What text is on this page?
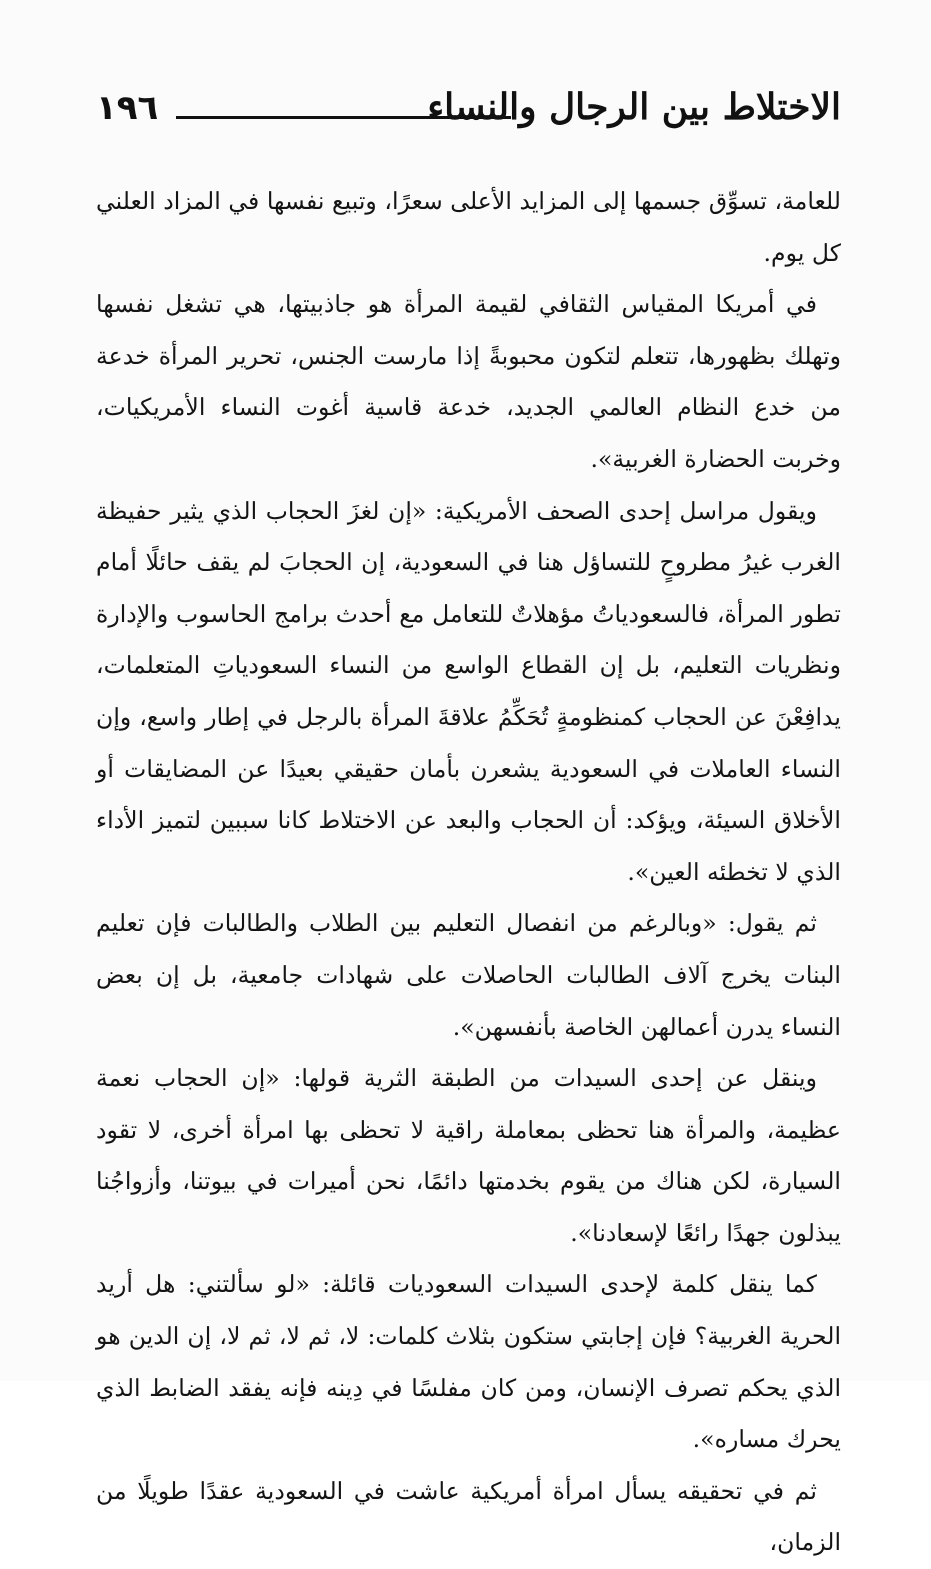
الاختلاط بين الرجال والنساء
١٩٦

للعامة، تسوِّق جسمها إلى المزايد الأعلى سعرًا، وتبيع نفسها في المزاد العلني كل يوم.

في أمريكا المقياس الثقافي لقيمة المرأة هو جاذبيتها، هي تشغل نفسها وتهلك بظهورها، تتعلم لتكون محبوبةً إذا مارست الجنس، تحرير المرأة خدعة من خدع النظام العالمي الجديد، خدعة قاسية أغوت النساء الأمريكيات، وخربت الحضارة الغربية».

ويقول مراسل إحدى الصحف الأمريكية: «إن لغزَ الحجاب الذي يثير حفيظة الغرب غيرُ مطروحٍ للتساؤل هنا في السعودية، إن الحجابَ لم يقف حائلًا أمام تطور المرأة، فالسعودياتُ مؤهلاتٌ للتعامل مع أحدث برامج الحاسوب والإدارة ونظريات التعليم، بل إن القطاع الواسع من النساء السعودياتِ المتعلمات، يدافِعْنَ عن الحجاب كمنظومةٍ تُحَكِّمُ علاقةَ المرأة بالرجل في إطار واسع، وإن النساء العاملات في السعودية يشعرن بأمان حقيقي بعيدًا عن المضايقات أو الأخلاق السيئة، ويؤكد: أن الحجاب والبعد عن الاختلاط كانا سببين لتميز الأداء الذي لا تخطئه العين».

ثم يقول: «وبالرغم من انفصال التعليم بين الطلاب والطالبات فإن تعليم البنات يخرج آلاف الطالبات الحاصلات على شهادات جامعية، بل إن بعض النساء يدرن أعمالهن الخاصة بأنفسهن».

وينقل عن إحدى السيدات من الطبقة الثرية قولها: «إن الحجاب نعمة عظيمة، والمرأة هنا تحظى بمعاملة راقية لا تحظى بها امرأة أخرى، لا تقود السيارة، لكن هناك من يقوم بخدمتها دائمًا، نحن أميرات في بيوتنا، وأزواجُنا يبذلون جهدًا رائعًا لإسعادنا».

كما ينقل كلمة لإحدى السيدات السعوديات قائلة: «لو سألتني: هل أريد الحرية الغربية؟ فإن إجابتي ستكون بثلاث كلمات: لا، ثم لا، ثم لا، إن الدين هو الذي يحكم تصرف الإنسان، ومن كان مفلسًا في دِينه فإنه يفقد الضابط الذي يحرك مساره».

ثم في تحقيقه يسأل امرأة أمريكية عاشت في السعودية عقدًا طويلًا من الزمان،
